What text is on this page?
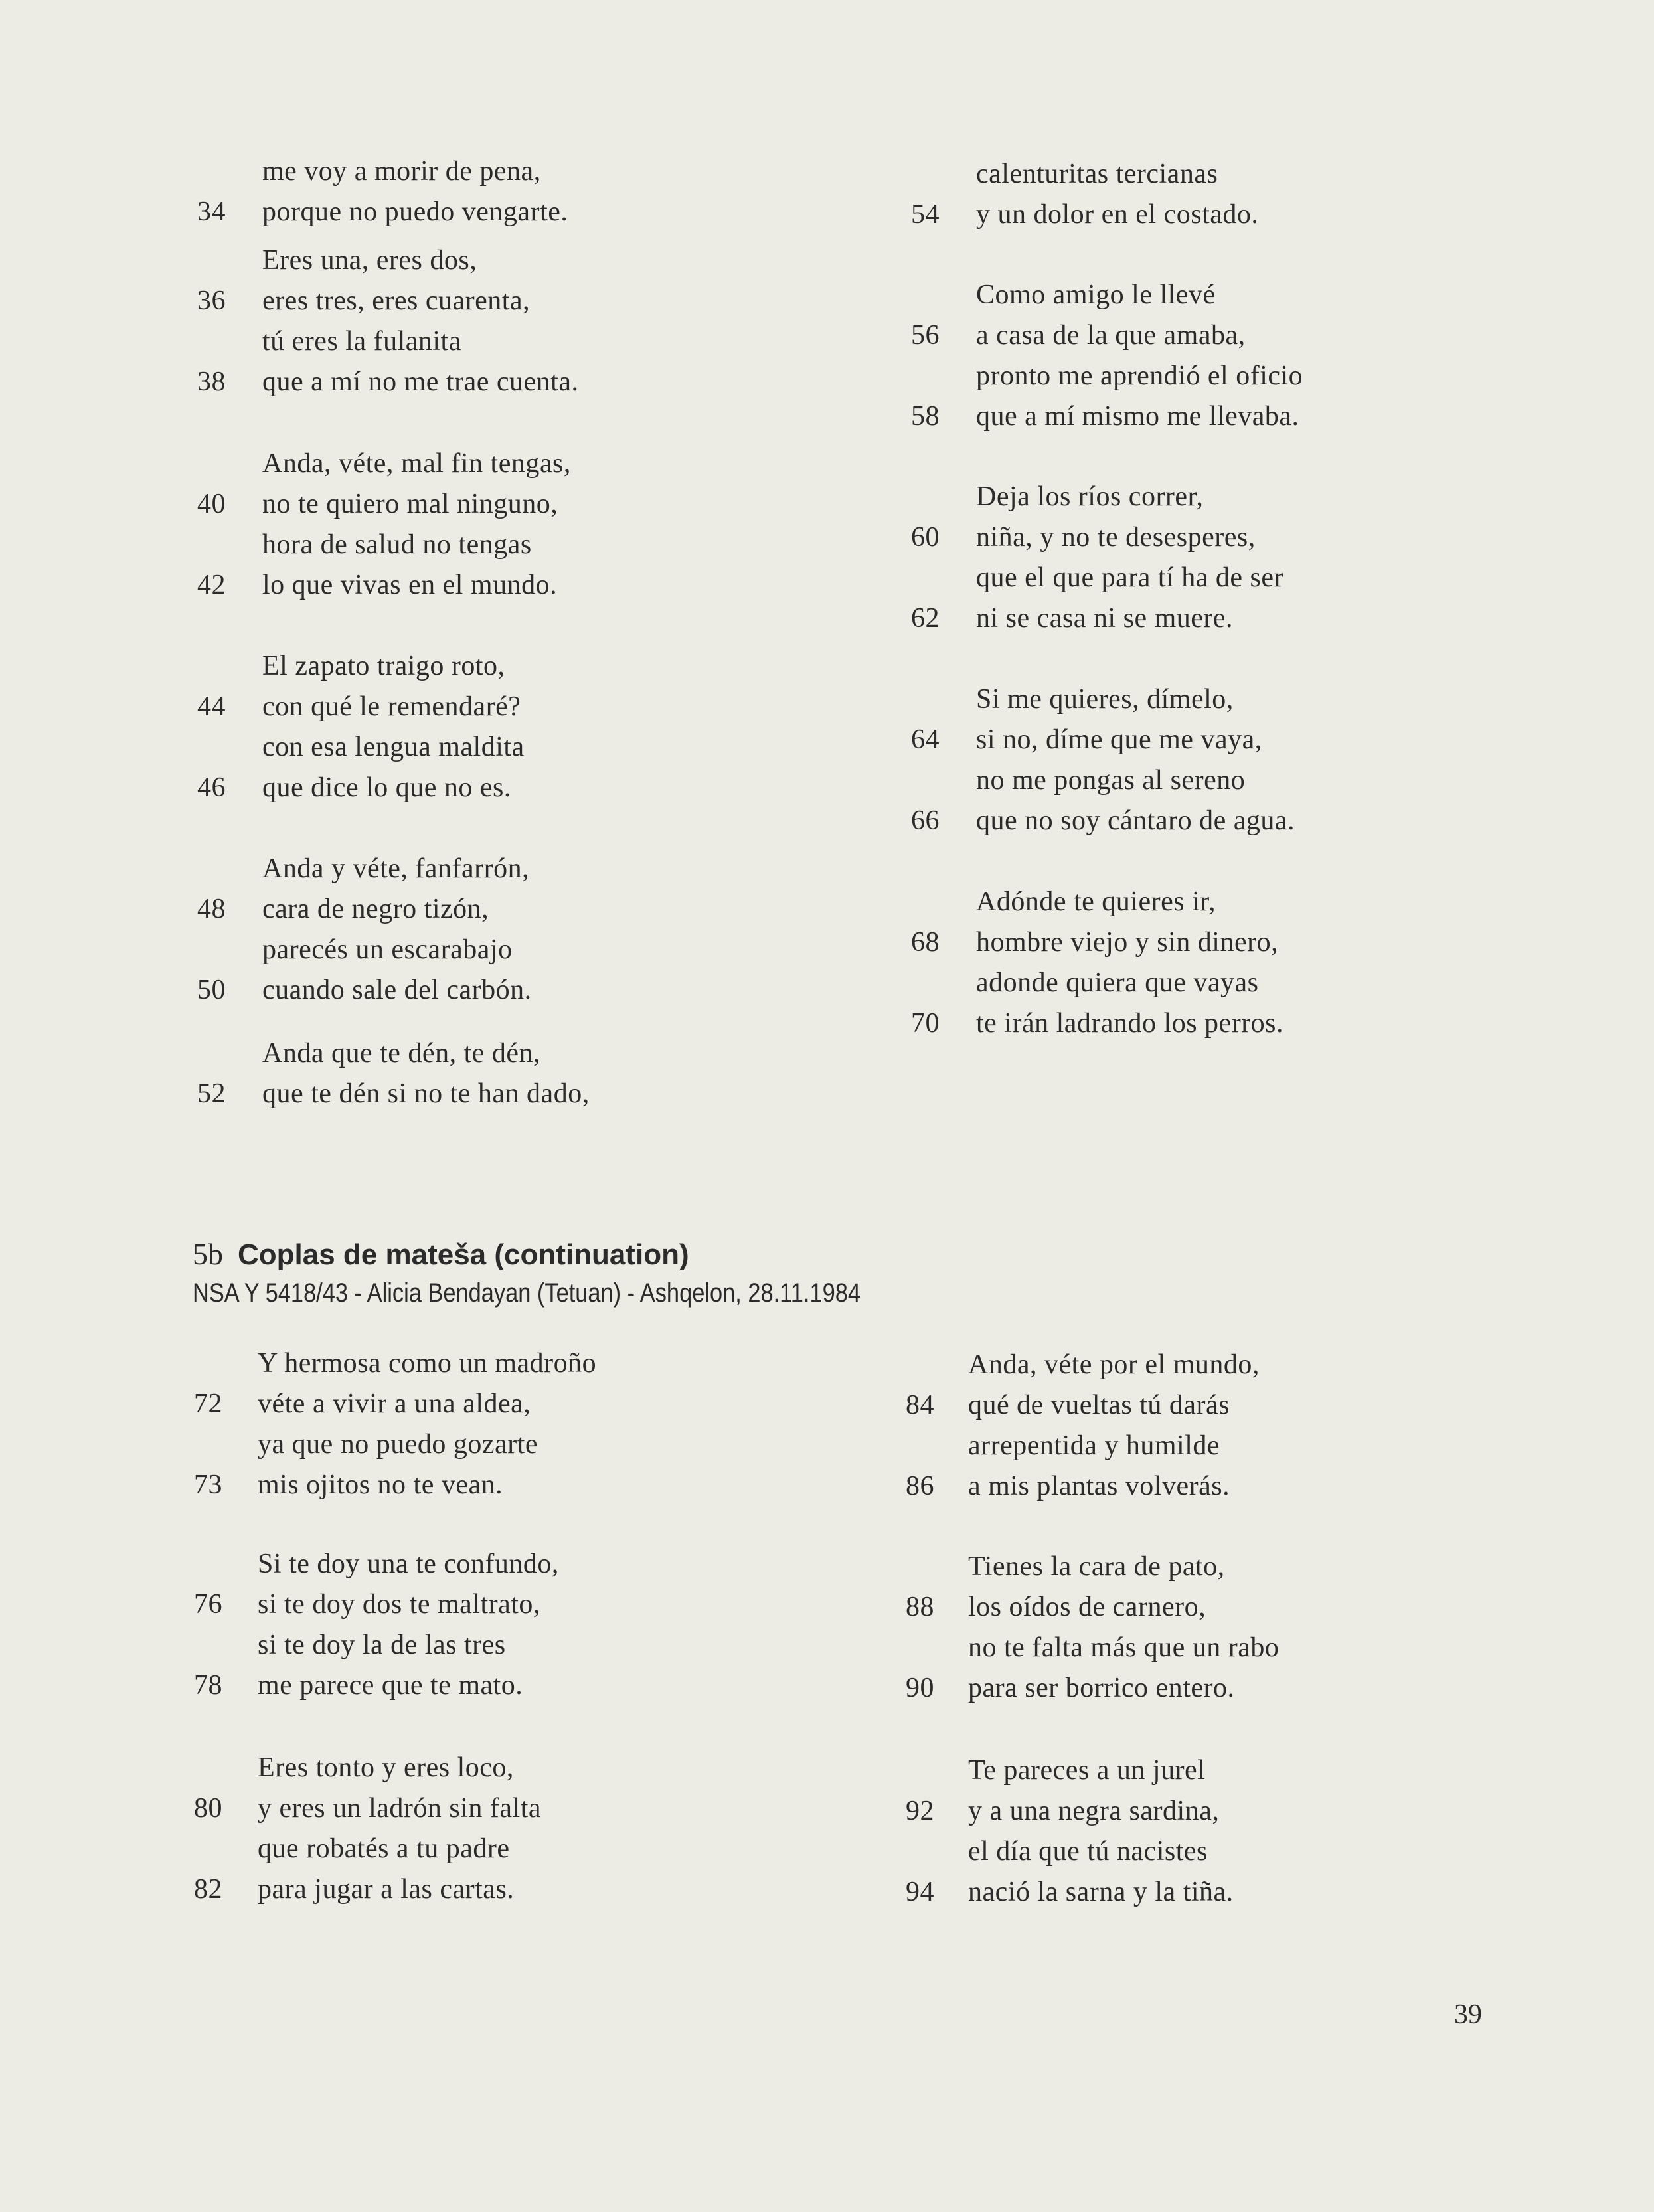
me voy a morir de pena,
34 porque no puedo vengarte.
Eres una, eres dos,
36 eres tres, eres cuarenta,
tú eres la fulanita
38 que a mí no me trae cuenta.
Anda, véte, mal fin tengas,
40 no te quiero mal ninguno,
hora de salud no tengas
42 lo que vivas en el mundo.
El zapato traigo roto,
44 con qué le remendaré?
con esa lengua maldita
46 que dice lo que no es.
Anda y véte, fanfarrón,
48 cara de negro tizón,
parecés un escarabajo
50 cuando sale del carbón.
Anda que te dén, te dén,
52 que te dén si no te han dado,
calenturitas tercianas
54 y un dolor en el costado.
Como amigo le llevé
56 a casa de la que amaba,
pronto me aprendió el oficio
58 que a mí mismo me llevaba.
Deja los ríos correr,
60 niña, y no te desesperes,
que el que para tí ha de ser
62 ni se casa ni se muere.
Si me quieres, dímelo,
64 si no, díme que me vaya,
no me pongas al sereno
66 que no soy cántaro de agua.
Adónde te quieres ir,
68 hombre viejo y sin dinero,
adonde quiera que vayas
70 te irán ladrando los perros.
5b Coplas de mateša (continuation)
NSA Y 5418/43 - Alicia Bendayan (Tetuan) - Ashqelon, 28.11.1984
Y hermosa como un madroño
72 véte a vivir a una aldea,
ya que no puedo gozarte
73 mis ojitos no te vean.
Si te doy una te confundo,
76 si te doy dos te maltrato,
si te doy la de las tres
78 me parece que te mato.
Eres tonto y eres loco,
80 y eres un ladrón sin falta
que robatés a tu padre
82 para jugar a las cartas.
Anda, véte por el mundo,
84 qué de vueltas tú darás
arrepentida y humilde
86 a mis plantas volverás.
Tienes la cara de pato,
88 los oídos de carnero,
no te falta más que un rabo
90 para ser borrico entero.
Te pareces a un jurel
92 y a una negra sardina,
el día que tú nacistes
94 nació la sarna y la tiña.
39
